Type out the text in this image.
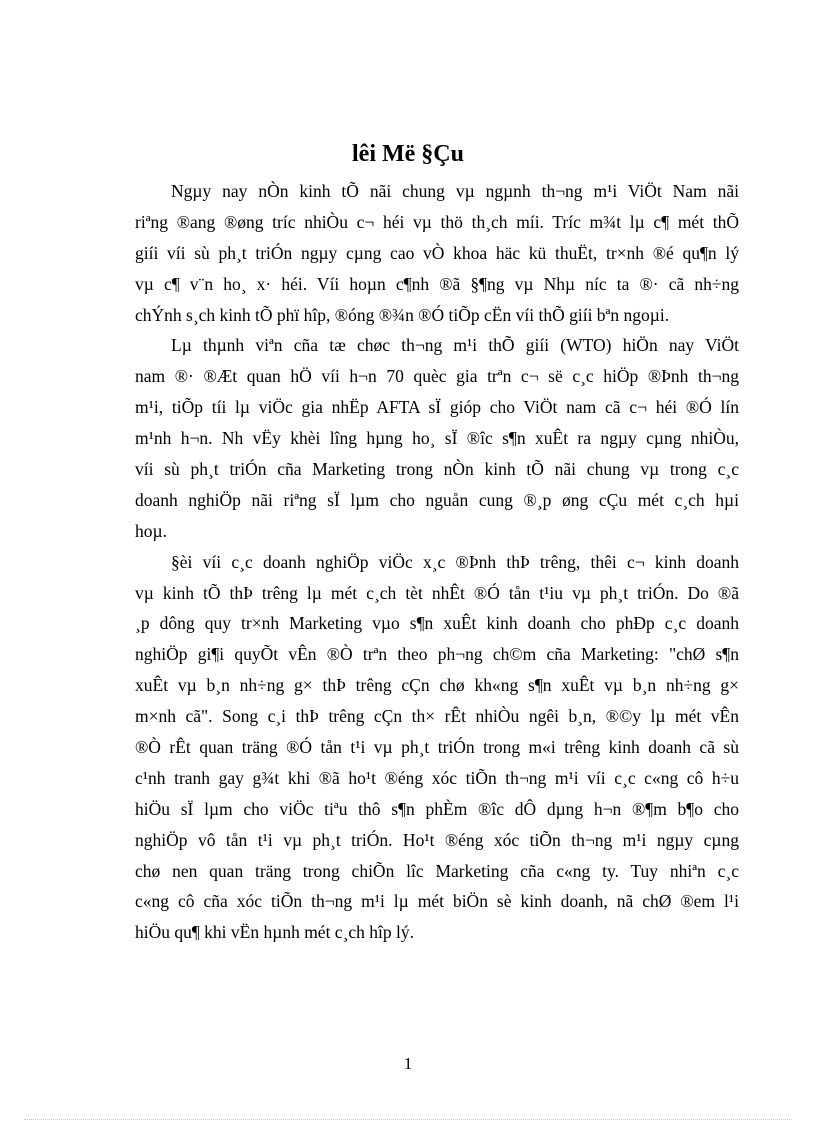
lêi Më §Çu
Ngµy nay nÒn kinh tÕ nãi chung vµ ngµnh th¬ng m¹i ViÖt Nam nãi
riªng ®ang ®øng tríc nhiÒu c¬ héi vµ thö th¸ch míi. Tríc m¾t lµ c¶ mét thÕ
giíi víi sù ph¸t triÓn ngµy cµng cao vÒ khoa häc kü thuËt, tr×nh ®é qu¶n lý
vµ c¶ v¨n ho¸ x· héi. Víi hoµn c¶nh ®ã §¶ng vµ Nhµ níc ta ®· cã nh÷ng
chÝnh s¸ch kinh tÕ phï hîp, ®óng ®¾n ®Ó tiÕp cËn víi thÕ giíi bªn ngoµi.
Lµ thµnh viªn cña tæ chøc th¬ng m¹i thÕ giíi (WTO) hiÖn nay ViÖt
nam ®· ®Æt quan hÖ víi h¬n 70 quèc gia trªn c¬ së c¸c hiÖp ®Þnh th¬ng
m¹i, tiÕp tíi lµ viÖc gia nhËp AFTA sÏ gióp cho ViÖt nam cã c¬ héi ®Ó lín
m¹nh h¬n. Nh vËy khèi lîng hµng ho¸ sÏ ®îc s¶n xuÊt ra ngµy cµng nhiÒu,
víi sù ph¸t triÓn cña Marketing trong nÒn kinh tÕ nãi chung vµ trong c¸c
doanh nghiÖp nãi riªng sÏ lµm cho nguån cung ®¸p øng cÇu mét c¸ch hµi
hoµ.
§èi víi c¸c doanh nghiÖp viÖc x¸c ®Þnh thÞ trêng, thêi c¬ kinh doanh
vµ kinh tÕ thÞ trêng lµ mét c¸ch tèt nhÊt ®Ó tån t¹iu vµ ph¸t triÓn. Do ®ã
¸p dông quy tr×nh Marketing vµo s¶n xuÊt kinh doanh cho phÐp c¸c doanh
nghiÖp gi¶i quyÕt vÊn ®Ò trªn theo ph¬ng ch©m cña Marketing: "chØ s¶n
xuÊt vµ b¸n nh÷ng g× thÞ trêng cÇn chø kh«ng s¶n xuÊt vµ b¸n nh÷ng g×
m×nh cã". Song c¸i thÞ trêng cÇn th× rÊt nhiÒu ngêi b¸n, ®©y lµ mét vÊn
®Ò rÊt quan träng ®Ó tån t¹i vµ ph¸t triÓn trong m«i trêng kinh doanh cã sù
c¹nh tranh gay g¾t khi ®ã ho¹t ®éng xóc tiÕn th¬ng m¹i víi c¸c c«ng cô h÷u
hiÖu sÏ lµm cho viÖc tiªu thô s¶n phÈm ®îc dÔ dµng h¬n ®¶m b¶o cho
nghiÖp vô tån t¹i vµ ph¸t triÓn. Ho¹t ®éng xóc tiÕn th¬ng m¹i ngµy cµng
chø nen quan träng trong chiÕn lîc Marketing cña c«ng ty. Tuy nhiªn c¸c
c«ng cô cña xóc tiÕn th¬ng m¹i lµ mét biÖn sè kinh doanh, nã chØ ®em l¹i
hiÖu qu¶ khi vËn hµnh mét c¸ch hîp lý.
1
